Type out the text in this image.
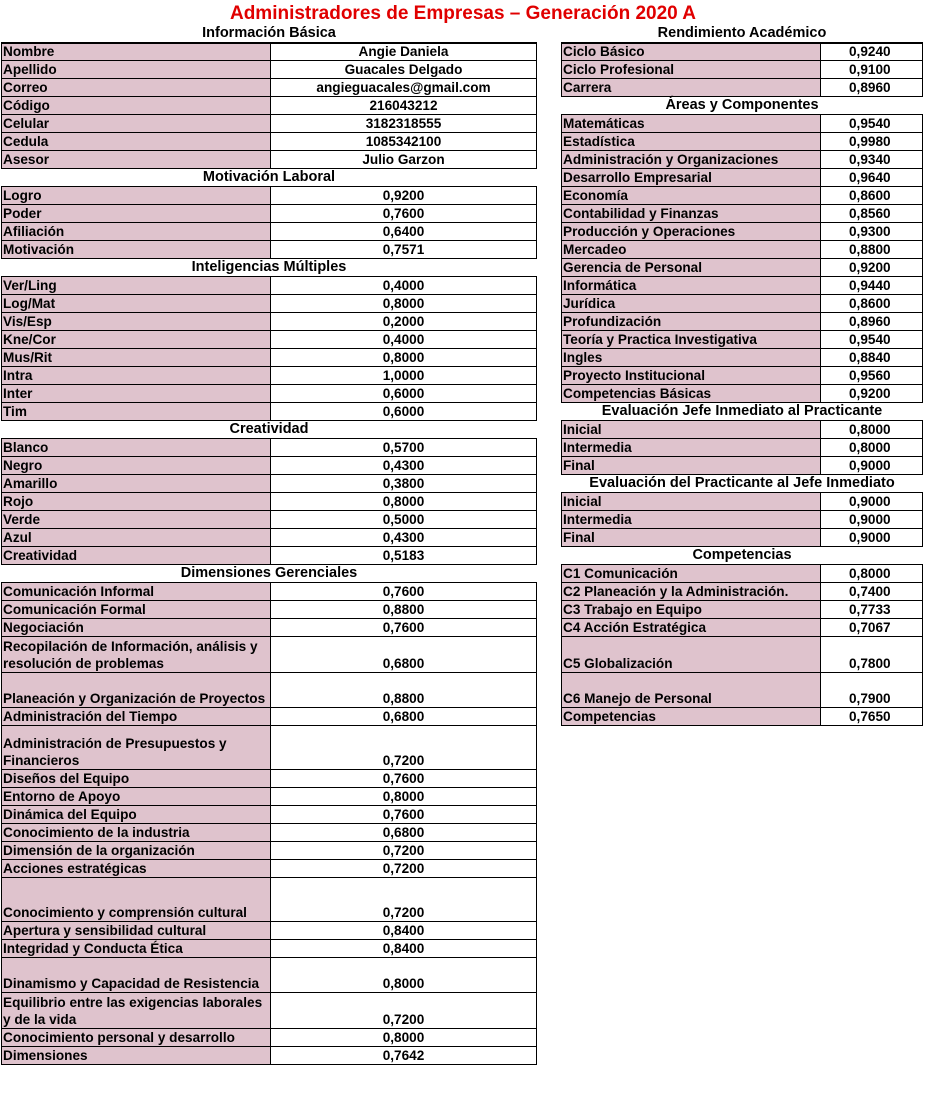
Administradores de Empresas – Generación 2020 A
Información Básica
Nombre	Angie Daniela
Apellido	Guacales Delgado
Correo	angieguacales@gmail.com
Código	216043212
Celular	3182318555
Cedula	1085342100
Asesor	Julio Garzon
Motivación Laboral
Logro	0,9200
Poder	0,7600
Afiliación	0,6400
Motivación	0,7571
Inteligencias Múltiples
Ver/Ling	0,4000
Log/Mat	0,8000
Vis/Esp	0,2000
Kne/Cor	0,4000
Mus/Rit	0,8000
Intra	1,0000
Inter	0,6000
Tim	0,6000
Creatividad
Blanco	0,5700
Negro	0,4300
Amarillo	0,3800
Rojo	0,8000
Verde	0,5000
Azul	0,4300
Creatividad	0,5183
Dimensiones Gerenciales
Comunicación Informal	0,7600
Comunicación Formal	0,8800
Negociación	0,7600
Recopilación de Información, análisis y resolución de problemas	0,6800
Planeación y Organización de Proyectos	0,8800
Administración del Tiempo	0,6800
Administración de Presupuestos y Financieros	0,7200
Diseños del Equipo	0,7600
Entorno de Apoyo	0,8000
Dinámica del Equipo	0,7600
Conocimiento de la industria	0,6800
Dimensión de la organización	0,7200
Acciones estratégicas	0,7200
Conocimiento y comprensión cultural	0,7200
Apertura y sensibilidad cultural	0,8400
Integridad y Conducta Ética	0,8400
Dinamismo y Capacidad de Resistencia	0,8000
Equilibrio entre las exigencias laborales y de la vida	0,7200
Conocimiento personal y desarrollo	0,8000
Dimensiones	0,7642
Rendimiento Académico
Ciclo Básico	0,9240
Ciclo Profesional	0,9100
Carrera	0,8960
Áreas y Componentes
Matemáticas	0,9540
Estadística	0,9980
Administración y Organizaciones	0,9340
Desarrollo Empresarial	0,9640
Economía	0,8600
Contabilidad y Finanzas	0,8560
Producción y Operaciones	0,9300
Mercadeo	0,8800
Gerencia de Personal	0,9200
Informática	0,9440
Jurídica	0,8600
Profundización	0,8960
Teoría y Practica Investigativa	0,9540
Ingles	0,8840
Proyecto Institucional	0,9560
Competencias Básicas	0,9200
Evaluación Jefe Inmediato al Practicante
Inicial	0,8000
Intermedia	0,8000
Final	0,9000
Evaluación del Practicante al Jefe Inmediato
Inicial	0,9000
Intermedia	0,9000
Final	0,9000
Competencias
C1 Comunicación	0,8000
C2 Planeación y la Administración.	0,7400
C3 Trabajo en Equipo	0,7733
C4 Acción Estratégica	0,7067
C5 Globalización	0,7800
C6 Manejo de Personal	0,7900
Competencias	0,7650
